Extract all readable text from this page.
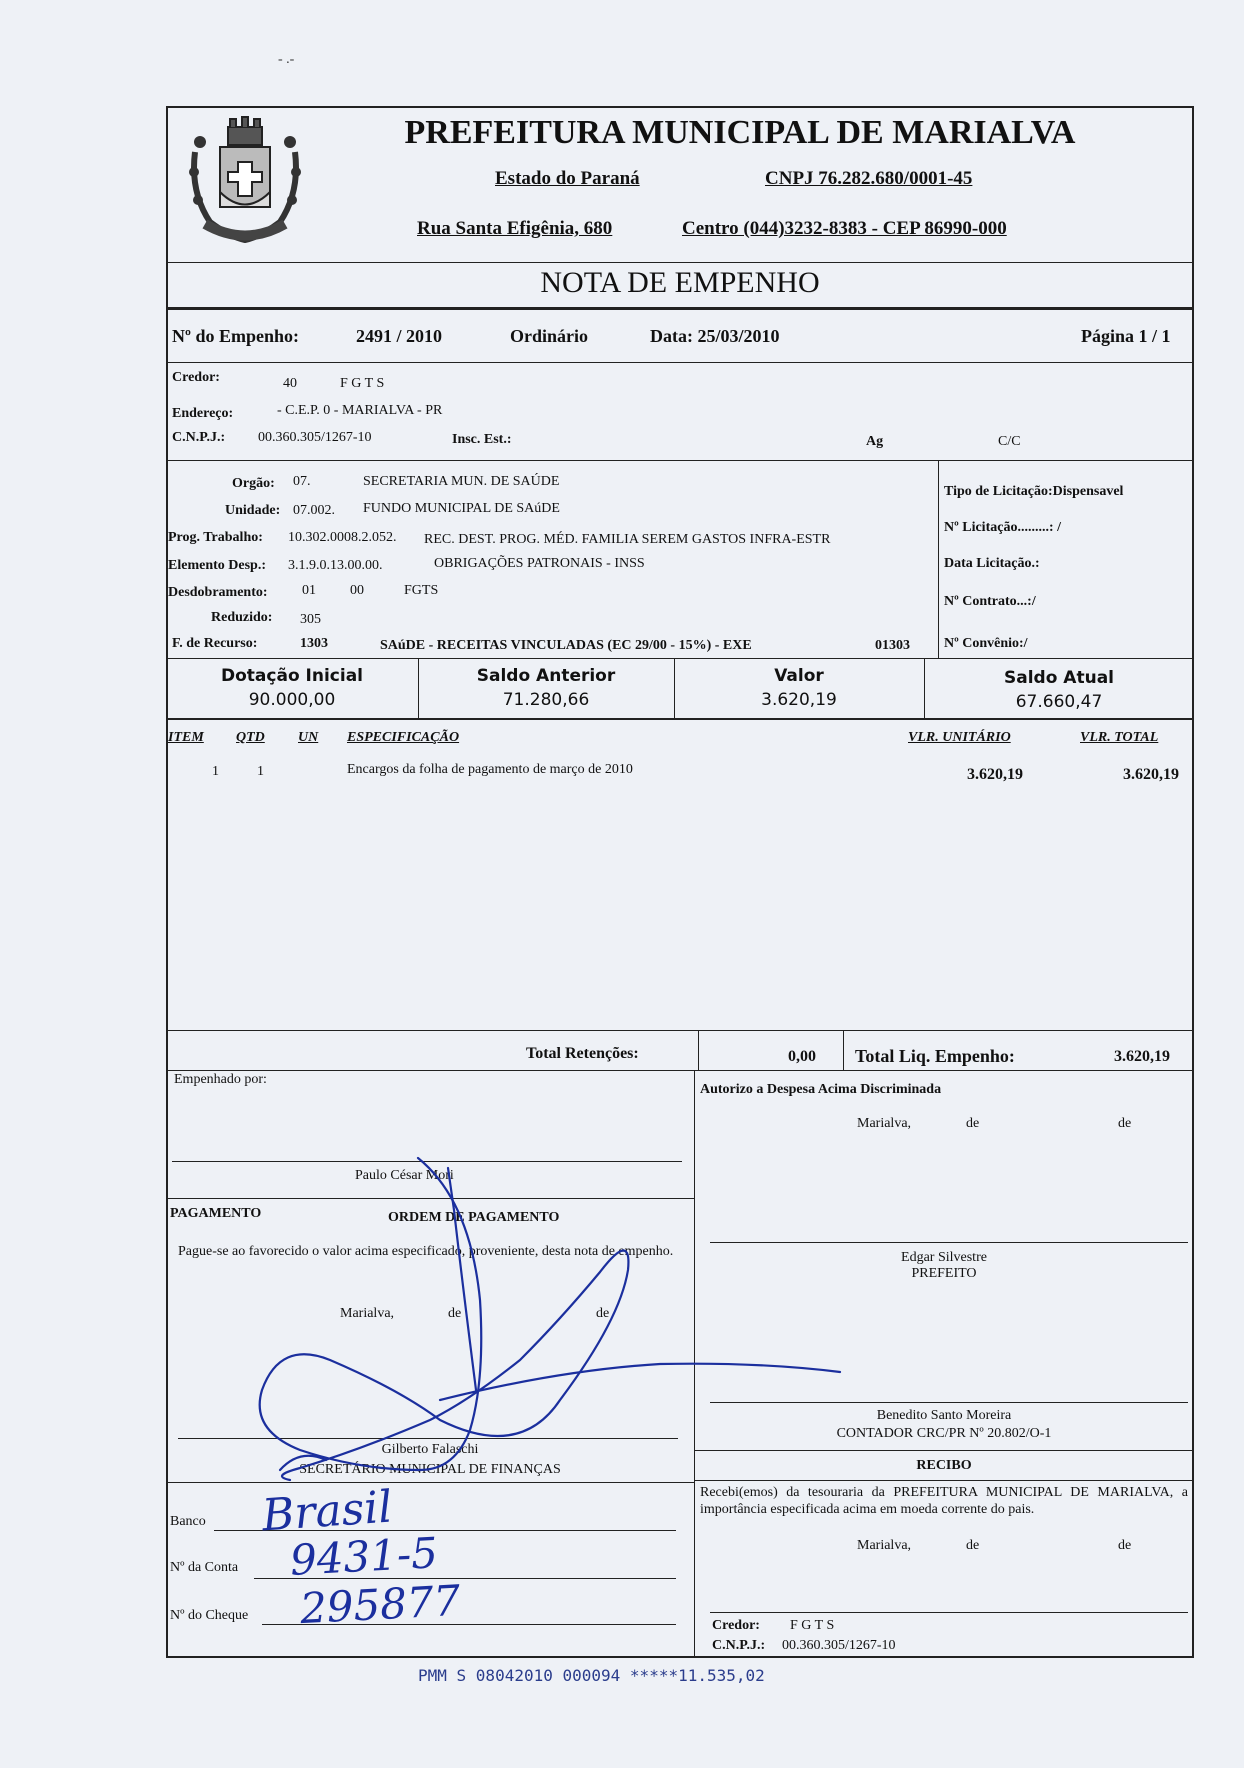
- .-
PREFEITURA MUNICIPAL DE MARIALVA
Estado do Paraná	CNPJ 76.282.680/0001-45
Rua Santa Efigênia, 680	Centro (044)3232-8383 - CEP 86990-000
NOTA DE EMPENHO
Nº do Empenho:	2491 / 2010	Ordinário	Data: 25/03/2010	Página 1 / 1
Credor:	40	F G T S
Endereço:	- C.E.P. 0 - MARIALVA - PR
C.N.P.J.: 00.360.305/1267-10	Insc. Est.:	Ag	C/C
Orgão: 07.	SECRETARIA MUN. DE SAÚDE
Unidade: 07.002. FUNDO MUNICIPAL DE SAúDE
Prog. Trabalho: 10.302.0008.2.052. REC. DEST. PROG. MÉD. FAMILIA SEREM GASTOS INFRA-ESTR
Elemento Desp.: 3.1.9.0.13.00.00.	OBRIGAÇÕES PATRONAIS - INSS
Desdobramento: 01 00	FGTS
Reduzido: 305
F. de Recurso:	1303	SAúDE - RECEITAS VINCULADAS (EC 29/00 - 15%) - EXE	01303
Tipo de Licitação:Dispensavel
Nº Licitação.........: /
Data Licitação.:
Nº Contrato...:/
Nº Convênio:/
Dotação Inicial
90.000,00
Saldo Anterior
71.280,66
Valor
3.620,19
Saldo Atual
67.660,47
ITEM QTD UN ESPECIFICAÇÃO	VLR. UNITÁRIO	VLR. TOTAL
1	1	Encargos da folha de pagamento de março de 2010	3.620,19	3.620,19
Total Retenções:	0,00 Total Liq. Empenho:	3.620,19
Empenhado por:
Paulo César Mori
Autorizo a Despesa Acima Discriminada
Marialva,	de	de
Edgar Silvestre
PREFEITO
PAGAMENTO	ORDEM DE PAGAMENTO
Pague-se ao favorecido o valor acima especificado, proveniente, desta nota de empenho.
Marialva,	de	de
Gilberto Falaschi
SECRETÁRIO MUNICIPAL DE FINANÇAS
Benedito Santo Moreira
CONTADOR CRC/PR Nº 20.802/O-1
RECIBO
Recebi(emos) da tesouraria da PREFEITURA MUNICIPAL DE MARIALVA, a importância especificada acima em moeda corrente do pais.
Marialva,	de	de
Credor: F G T S
C.N.P.J.: 00.360.305/1267-10
Banco Brasil
Nº da Conta 9431-5
Nº do Cheque 295877
PMM S 08042010 000094 *****11.535,02
